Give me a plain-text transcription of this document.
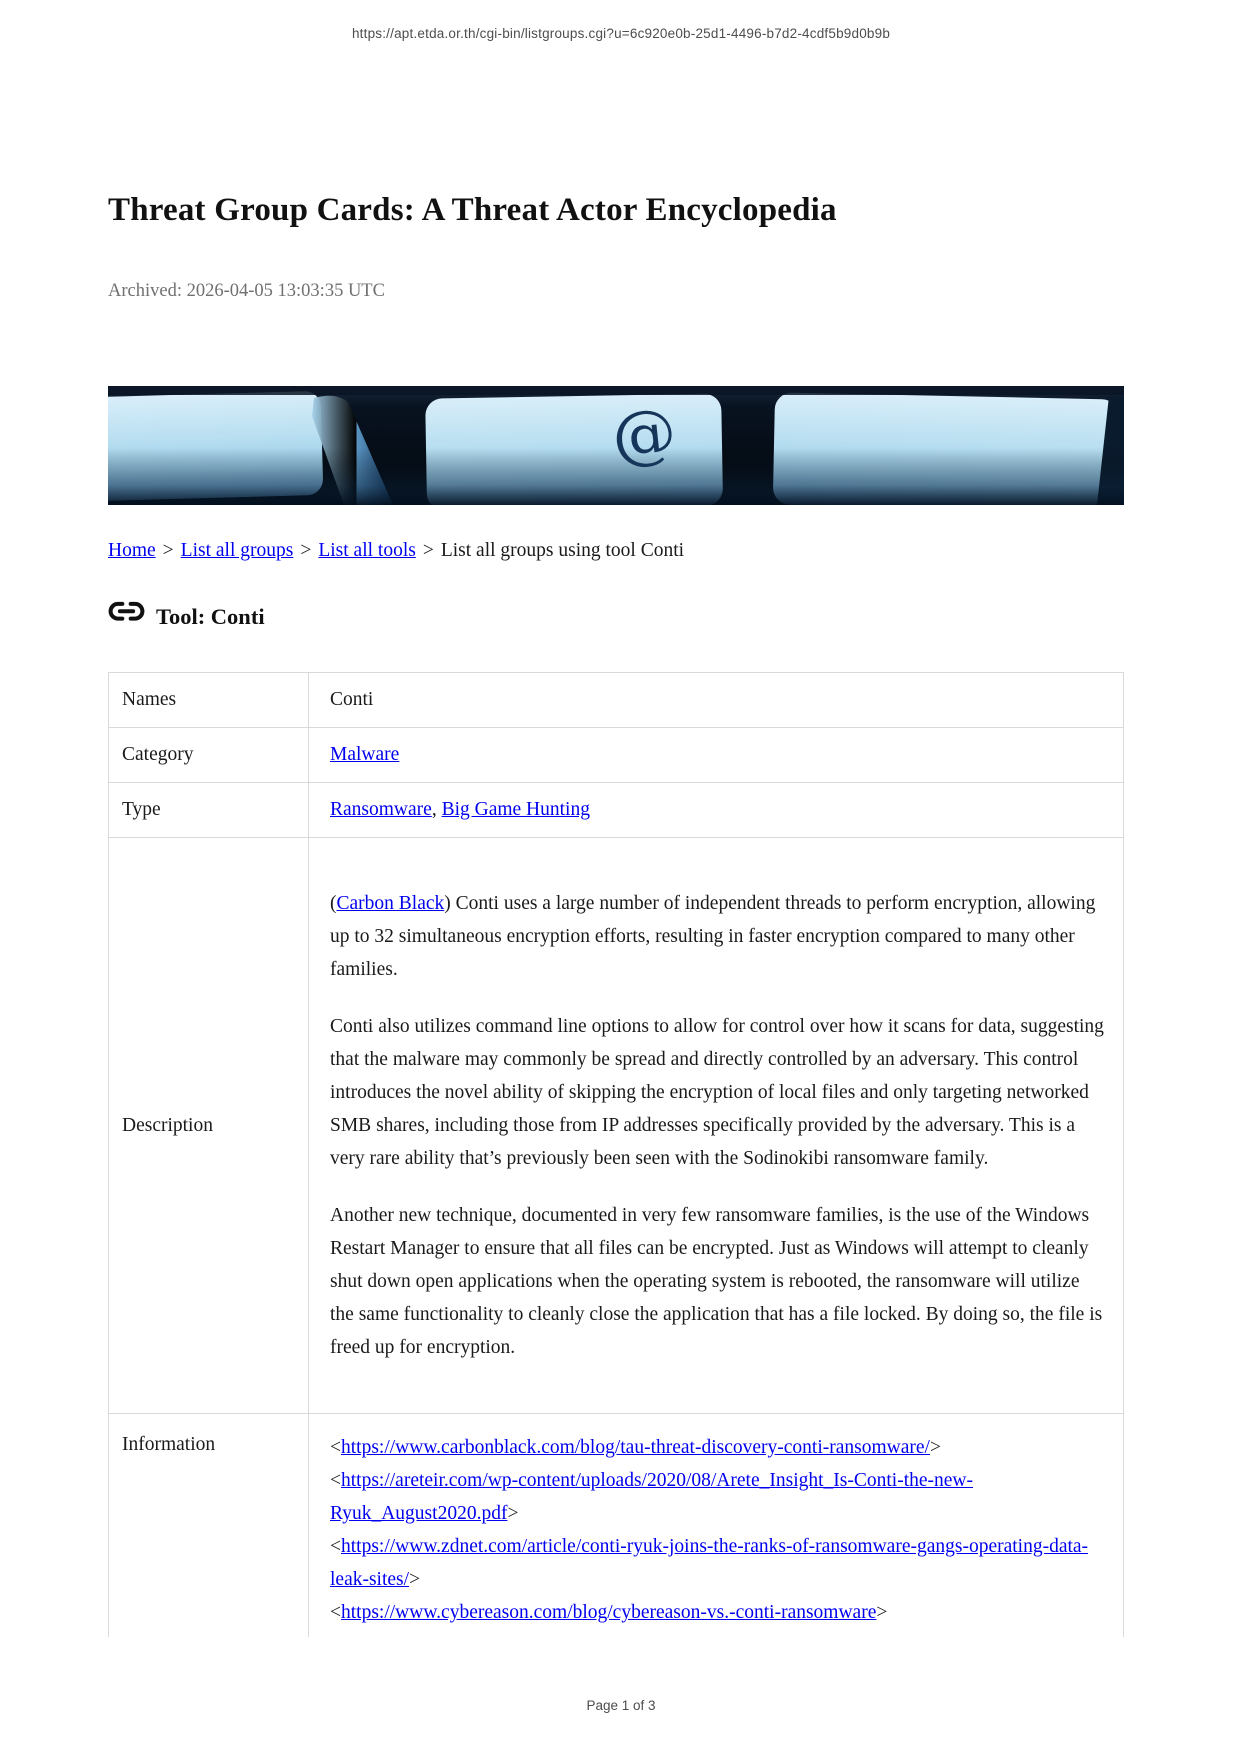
https://apt.etda.or.th/cgi-bin/listgroups.cgi?u=6c920e0b-25d1-4496-b7d2-4cdf5b9d0b9b
Threat Group Cards: A Threat Actor Encyclopedia
Archived: 2026-04-05 13:03:35 UTC
@
Home > List all groups > List all tools > List all groups using tool Conti
Tool: Conti
Names	Conti
Category	Malware
Type	Ransomware, Big Game Hunting
Description	(Carbon Black) Conti uses a large number of independent threads to perform encryption, allowing up to 32 simultaneous encryption efforts, resulting in faster encryption compared to many other families.

Conti also utilizes command line options to allow for control over how it scans for data, suggesting that the malware may commonly be spread and directly controlled by an adversary. This control introduces the novel ability of skipping the encryption of local files and only targeting networked SMB shares, including those from IP addresses specifically provided by the adversary. This is a very rare ability that’s previously been seen with the Sodinokibi ransomware family.

Another new technique, documented in very few ransomware families, is the use of the Windows Restart Manager to ensure that all files can be encrypted. Just as Windows will attempt to cleanly shut down open applications when the operating system is rebooted, the ransomware will utilize the same functionality to cleanly close the application that has a file locked. By doing so, the file is freed up for encryption.

Information	<https://www.carbonblack.com/blog/tau-threat-discovery-conti-ransomware/>
<https://areteir.com/wp-content/uploads/2020/08/Arete_Insight_Is-Conti-the-new-Ryuk_August2020.pdf>
<https://www.zdnet.com/article/conti-ryuk-joins-the-ranks-of-ransomware-gangs-operating-data-leak-sites/>
<https://www.cybereason.com/blog/cybereason-vs.-conti-ransomware>
Page 1 of 3
